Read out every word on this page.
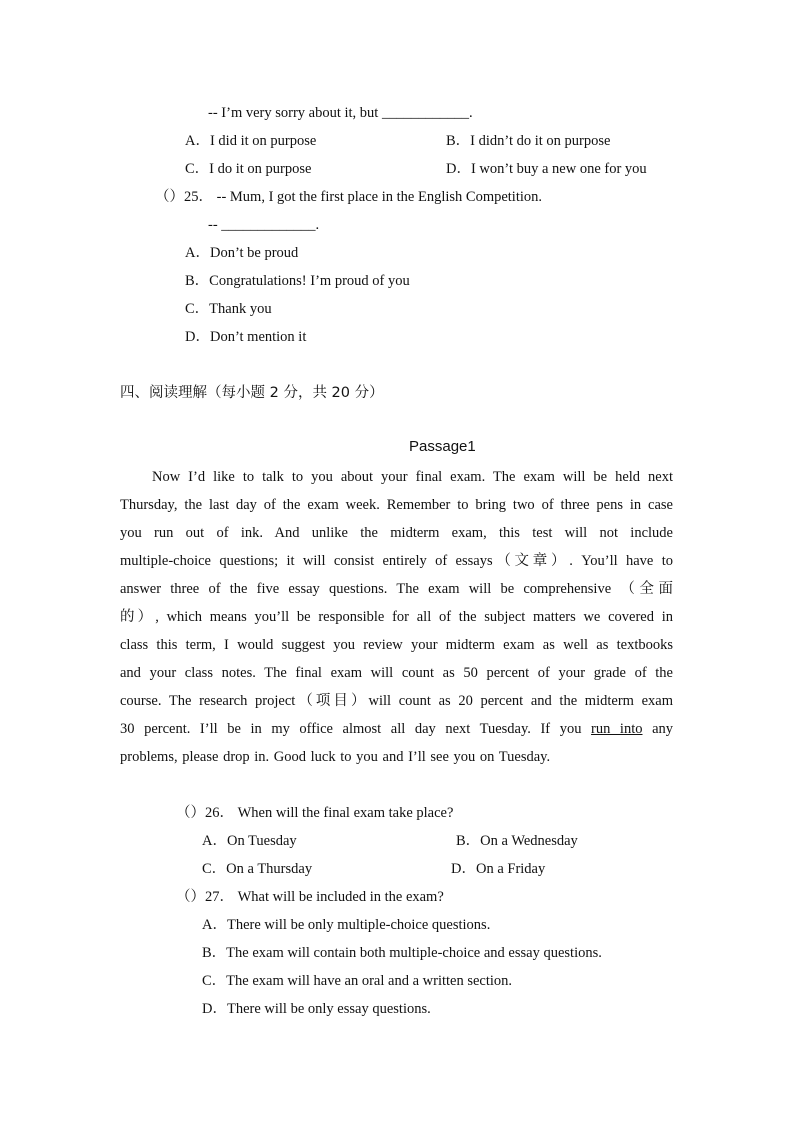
-- I’m very sorry about it, but ____________.
A．I did it on purpose	B．I didn’t do it on purpose
C．I do it on purpose	D．I won’t buy a new one for you
（）25． -- Mum, I got the first place in the English Competition.
-- _____________.
A．Don’t be proud
B．Congratulations! I’m proud of you
C．Thank you
D．Don’t mention it
四、阅读理解（每小题 2 分，共 20 分）
Passage1
Now I’d like to talk to you about your final exam. The exam will be held next
Thursday, the last day of the exam week. Remember to bring two of three pens in case
you run out of ink. And unlike the midterm exam, this test will not include
multiple-choice questions; it will consist entirely of essays（文章）. You’ll have to
answer three of the five essay questions. The exam will be comprehensive （全面
的）, which means you’ll be responsible for all of the subject matters we covered in
class this term, I would suggest you review your midterm exam as well as textbooks
and your class notes. The final exam will count as 50 percent of your grade of the
course. The research project（项目）will count as 20 percent and the midterm exam
30 percent. I’ll be in my office almost all day next Tuesday. If you run into any
problems, please drop in. Good luck to you and I’ll see you on Tuesday.
（）26． When will the final exam take place?
A．On Tuesday	B．On a Wednesday
C．On a Thursday	D．On a Friday
（）27． What will be included in the exam?
A．There will be only multiple-choice questions.
B．The exam will contain both multiple-choice and essay questions.
C．The exam will have an oral and a written section.
D．There will be only essay questions.
